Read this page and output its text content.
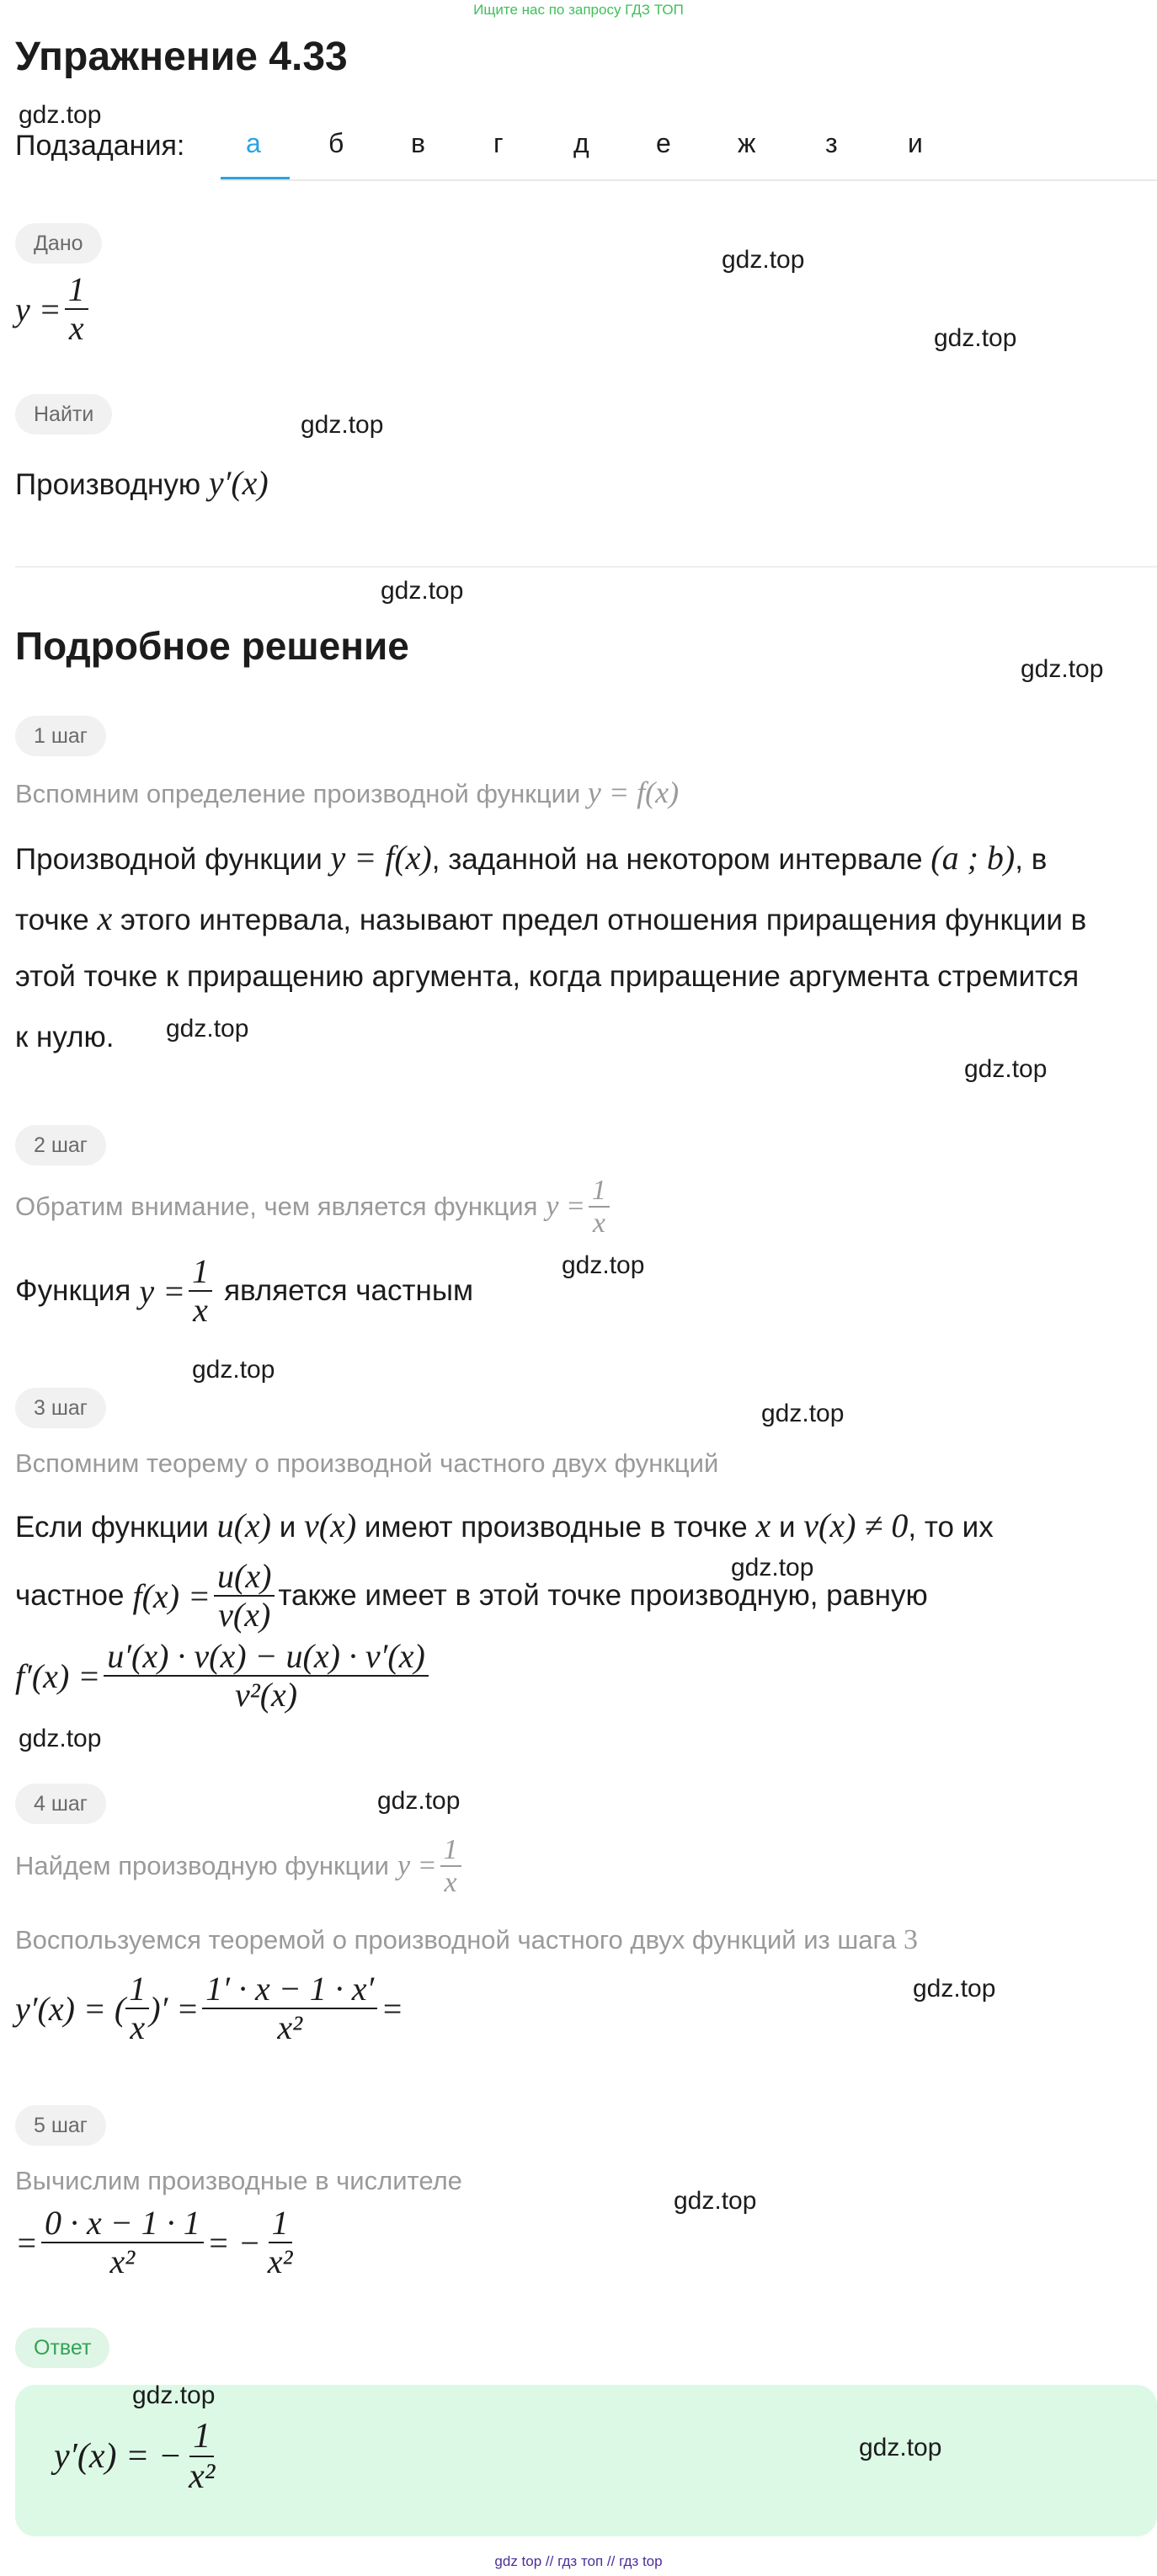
Ищите нас по запросу ГДЗ ТОП
Упражнение 4.33
gdz.top
Подзадания: а	б в	г	д е ж	з	и
Дано
gdz.top
$y = \frac{1}{x}$	gdz.top
Найти	gdz.top
Производную y′(x)
gdz.top
Подробное решение
gdz.top
1 шаг
Вспомним определение производной функции y = f(x)
Производной функции y = f(x), заданной на некотором интервале (a ; b), в
точке x этого интервала, называют предел отношения приращения функции в
этой точке к приращению аргумента, когда приращение аргумента стремится
к нулю. gdz.top
gdz.top
2 шаг
Обратим внимание, чем является функция $y = \frac{1}{x}$
Функция $y = \frac{1}{x}$ является частным
gdz.top
gdz.top
3 шаг	gdz.top
Вспомним теорему о производной частного двух функций
Если функции u(x) и v(x) имеют производные в точке x и v(x) ≠ 0, то их
gdz.top
частное $f(x) = \frac{u(x)}{v(x)}$ также имеет в этой точке производную, равную
$f'(x) = \frac{u'(x) \cdot v(x) - u(x) \cdot v'(x)}{\text{v²(x)}}$
gdz.top
4 шаг	gdz.top
Найдем производную функции $y = \frac{1}{x}$
Воспользуемся теоремой о производной частного двух функций из шага 3
gdz.top
y′(x) = ( $\frac{1}{x}$ )′ = $\frac{1' \cdot x - 1 \cdot x'}{\text{x²}}$ =
5 шаг
Вычислим производные в числителе
gdz.top
= $\frac{0 \cdot x - 1 \cdot 1}{\text{x²}}$ = − $\frac{1}{\text{x²}}$
Ответ
gdz.top
gdz.top
y′(x) = − $\frac{1}{\text{x²}}$
gdz top // гдз топ // гдз top
